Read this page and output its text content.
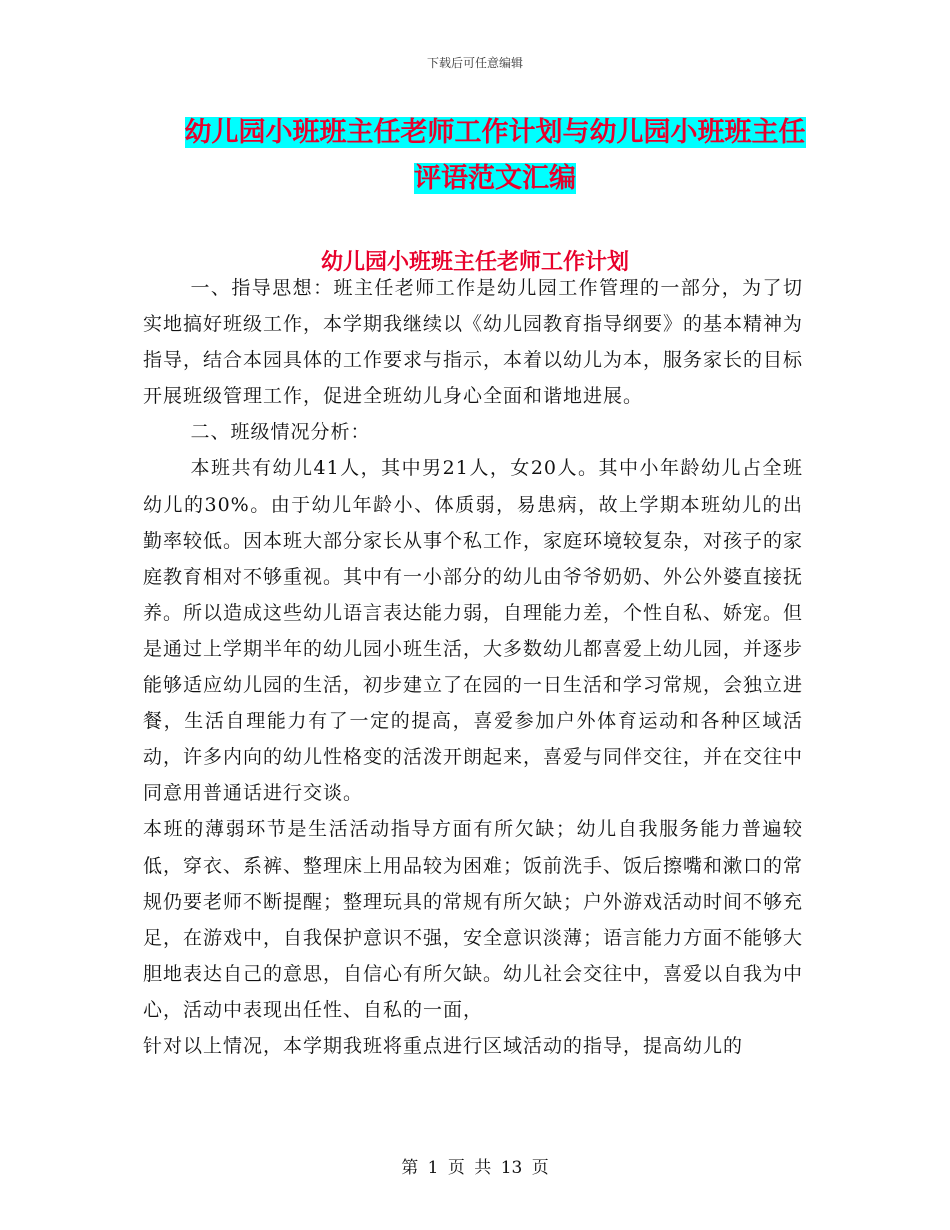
下载后可任意编辑
幼儿园小班班主任老师工作计划与幼儿园小班班主任
评语范文汇编
幼儿园小班班主任老师工作计划

一、指导思想：班主任老师工作是幼儿园工作管理的一部分，为了切实地搞好班级工作，本学期我继续以《幼儿园教育指导纲要》的基本精神为指导，结合本园具体的工作要求与指示，本着以幼儿为本，服务家长的目标开展班级管理工作，促进全班幼儿身心全面和谐地进展。

二、班级情况分析：

本班共有幼儿41人，其中男21人，女20人。其中小年龄幼儿占全班幼儿的30%。由于幼儿年龄小、体质弱，易患病，故上学期本班幼儿的出勤率较低。因本班大部分家长从事个私工作，家庭环境较复杂，对孩子的家庭教育相对不够重视。其中有一小部分的幼儿由爷爷奶奶、外公外婆直接抚养。所以造成这些幼儿语言表达能力弱，自理能力差，个性自私、娇宠。但是通过上学期半年的幼儿园小班生活，大多数幼儿都喜爱上幼儿园，并逐步能够适应幼儿园的生活，初步建立了在园的一日生活和学习常规，会独立进餐，生活自理能力有了一定的提高，喜爱参加户外体育运动和各种区域活动，许多内向的幼儿性格变的活泼开朗起来，喜爱与同伴交往，并在交往中同意用普通话进行交谈。

本班的薄弱环节是生活活动指导方面有所欠缺；幼儿自我服务能力普遍较低，穿衣、系裤、整理床上用品较为困难；饭前洗手、饭后擦嘴和漱口的常规仍要老师不断提醒；整理玩具的常规有所欠缺；户外游戏活动时间不够充足，在游戏中，自我保护意识不强，安全意识淡薄；语言能力方面不能够大胆地表达自己的意思，自信心有所欠缺。幼儿社会交往中，喜爱以自我为中心，活动中表现出任性、自私的一面，

针对以上情况，本学期我班将重点进行区域活动的指导，提高幼儿的

第 1 页 共 13 页
